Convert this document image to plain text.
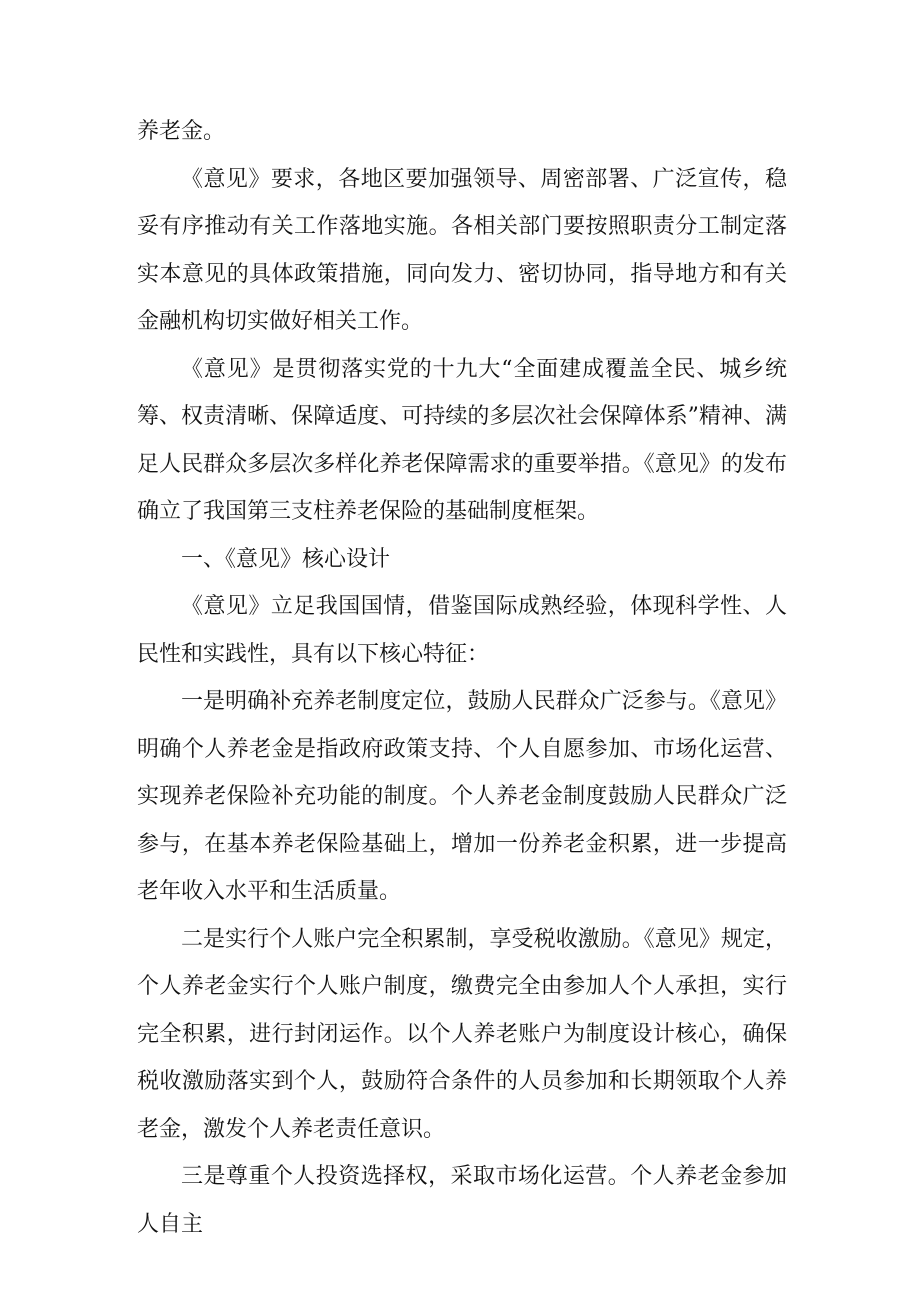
养老金。

《意见》要求，各地区要加强领导、周密部署、广泛宣传，稳妥有序推动有关工作落地实施。各相关部门要按照职责分工制定落实本意见的具体政策措施，同向发力、密切协同，指导地方和有关金融机构切实做好相关工作。

《意见》是贯彻落实党的十九大“全面建成覆盖全民、城乡统筹、权责清晰、保障适度、可持续的多层次社会保障体系”精神、满足人民群众多层次多样化养老保障需求的重要举措。《意见》的发布确立了我国第三支柱养老保险的基础制度框架。

一、《意见》核心设计

《意见》立足我国国情，借鉴国际成熟经验，体现科学性、人民性和实践性，具有以下核心特征：

一是明确补充养老制度定位，鼓励人民群众广泛参与。《意见》明确个人养老金是指政府政策支持、个人自愿参加、市场化运营、实现养老保险补充功能的制度。个人养老金制度鼓励人民群众广泛参与，在基本养老保险基础上，增加一份养老金积累，进一步提高老年收入水平和生活质量。

二是实行个人账户完全积累制，享受税收激励。《意见》规定，个人养老金实行个人账户制度，缴费完全由参加人个人承担，实行完全积累，进行封闭运作。以个人养老账户为制度设计核心，确保税收激励落实到个人，鼓励符合条件的人员参加和长期领取个人养老金，激发个人养老责任意识。

三是尊重个人投资选择权，采取市场化运营。个人养老金参加人自主
